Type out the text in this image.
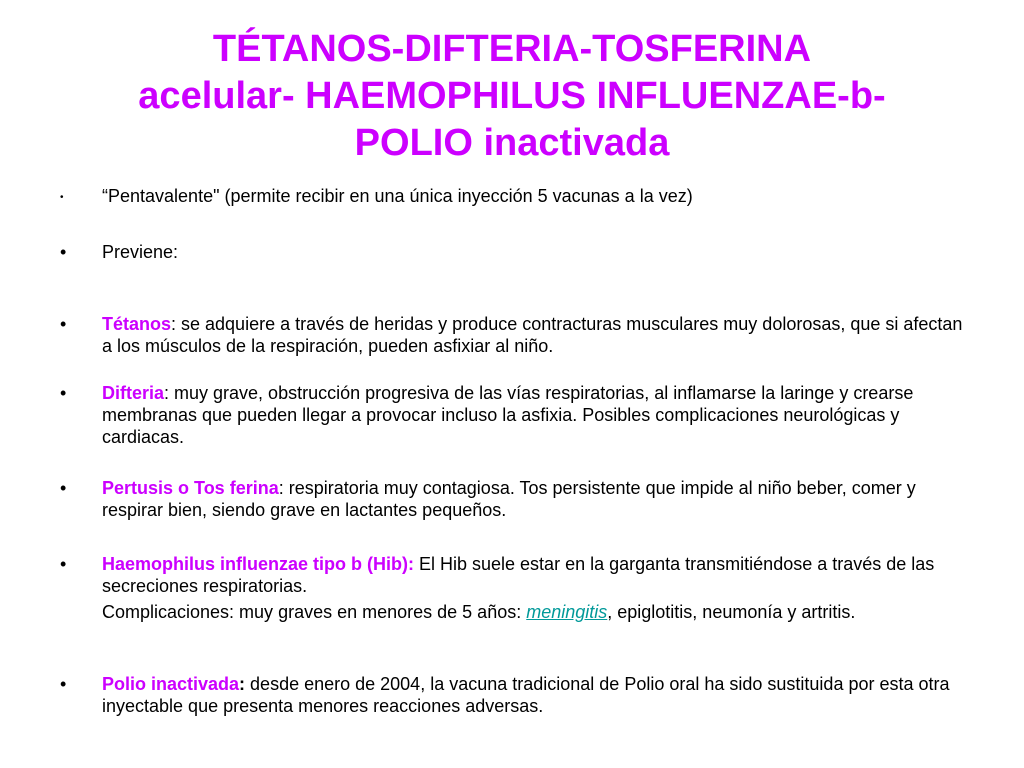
TÉTANOS-DIFTERIA-TOSFERINA
acelular- HAEMOPHILUS INFLUENZAE-b-
POLIO inactivada
•	“Pentavalente" (permite recibir en una única inyección 5 vacunas a la vez)
•	Previene:
•	Tétanos: se adquiere a través de heridas y produce contracturas musculares muy dolorosas, que si afectan a los músculos de la respiración, pueden asfixiar al niño.
•	Difteria: muy grave, obstrucción progresiva de las vías respiratorias, al inflamarse la laringe y crearse membranas que pueden llegar a provocar incluso la asfixia. Posibles complicaciones neurológicas y cardiacas.
•	Pertusis o Tos ferina: respiratoria muy contagiosa. Tos persistente que impide al niño beber, comer y respirar bien, siendo grave en lactantes pequeños.
•	Haemophilus influenzae tipo b (Hib): El Hib suele estar en la garganta transmitiéndose a través de las secreciones respiratorias.
Complicaciones: muy graves en menores de 5 años: meningitis, epiglotitis, neumonía y artritis.
•	Polio inactivada: desde enero de 2004, la vacuna tradicional de Polio oral ha sido sustituida por esta otra inyectable que presenta menores reacciones adversas.
